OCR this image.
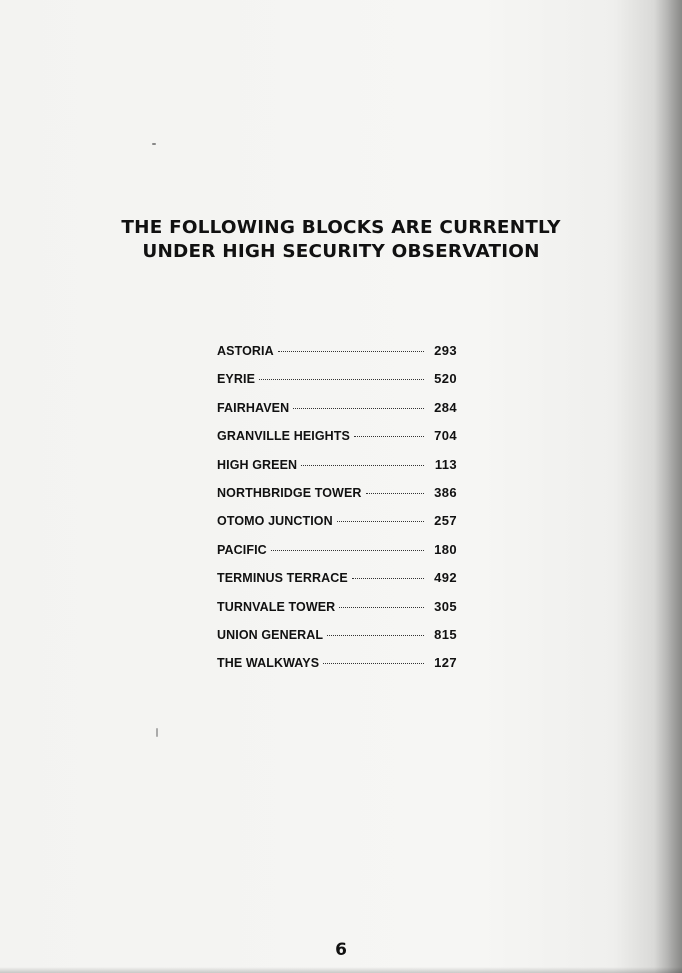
THE FOLLOWING BLOCKS ARE CURRENTLY
UNDER HIGH SECURITY OBSERVATION
ASTORIA	293
EYRIE	520
FAIRHAVEN	284
GRANVILLE HEIGHTS	704
HIGH GREEN	113
NORTHBRIDGE TOWER	386
OTOMO JUNCTION	257
PACIFIC	180
TERMINUS TERRACE	492
TURNVALE TOWER	305
UNION GENERAL	815
THE WALKWAYS	127
6
